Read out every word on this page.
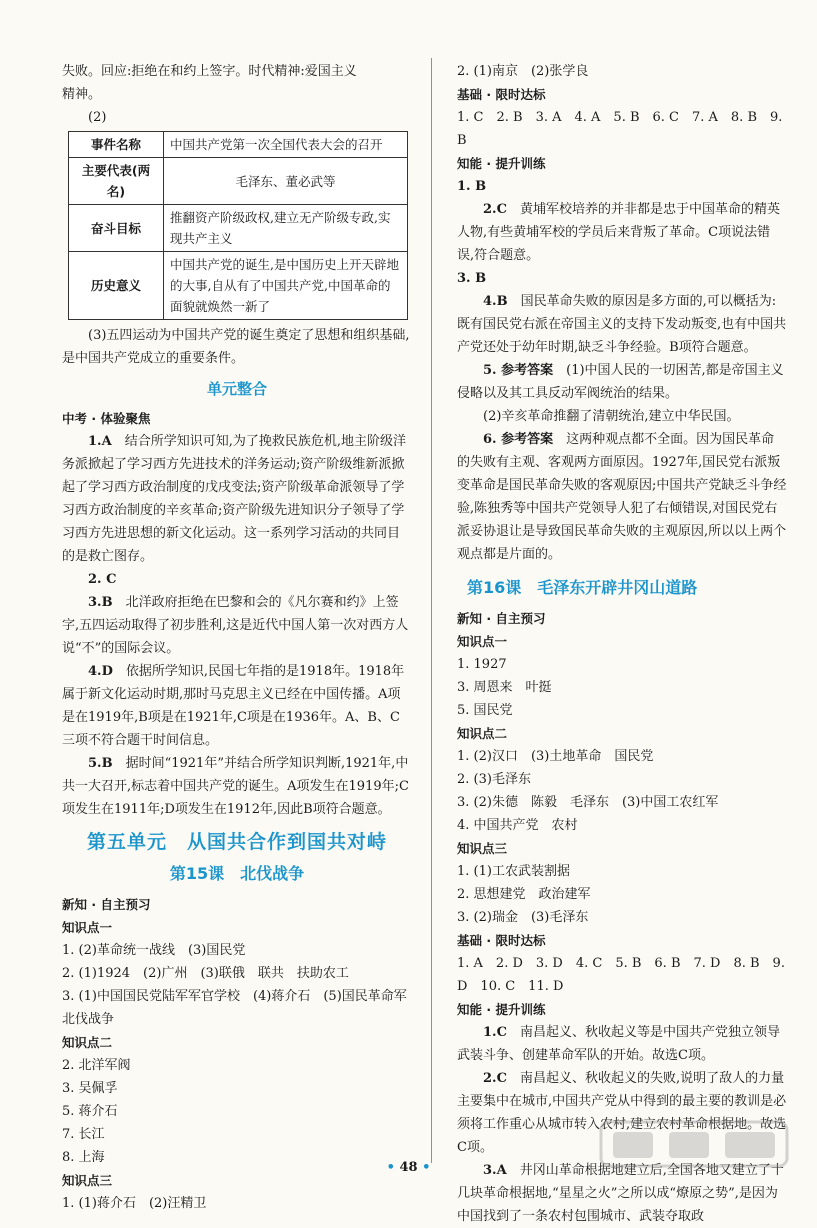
失败。回应:拒绝在和约上签字。时代精神:爱国主义

精神。

(2)

事件名称	中国共产党第一次全国代表大会的召开
主要代表(两名)	毛泽东、董必武等
奋斗目标	推翻资产阶级政权,建立无产阶级专政,实现共产主义
历史意义	中国共产党的诞生,是中国历史上开天辟地的大事,自从有了中国共产党,中国革命的面貌就焕然一新了

(3)五四运动为中国共产党的诞生奠定了思想和组织基础,是中国共产党成立的重要条件。

单元整合

中考 · 体验聚焦

1.A　 结合所学知识可知,为了挽救民族危机,地主阶级洋务派掀起了学习西方先进技术的洋务运动;资产阶级维新派掀起了学习西方政治制度的戊戌变法;资产阶级革命派领导了学习西方政治制度的辛亥革命;资产阶级先进知识分子领导了学习西方先进思想的新文化运动。这一系列学习活动的共同目的是救亡图存。

2. C

3.B　 北洋政府拒绝在巴黎和会的《凡尔赛和约》上签字,五四运动取得了初步胜利,这是近代中国人第一次对西方人说“不”的国际会议。

4.D　 依据所学知识,民国七年指的是1918年。1918年属于新文化运动时期,那时马克思主义已经在中国传播。A项是在1919年,B项是在1921年,C项是在1936年。A、B、C三项不符合题干时间信息。

5.B　 据时间“1921年”并结合所学知识判断,1921年,中共一大召开,标志着中国共产党的诞生。A项发生在1919年;C项发生在1911年;D项发生在1912年,因此B项符合题意。

第五单元　从国共合作到国共对峙
第15课　北伐战争

新知 · 自主预习

知识点一

1. (2)革命统一战线　(3)国民党

2. (1)1924　(2)广州　(3)联俄　联共　扶助农工

3. (1)中国国民党陆军军官学校　(4)蒋介石　(5)国民革命军　北伐战争

知识点二

2. 北洋军阀

3. 吴佩孚

5. 蒋介石

7. 长江

8. 上海

知识点三

1. (1)蒋介石　(2)汪精卫

2. (1)南京　(2)张学良

基础 · 限时达标

1. C　2. B　3. A　4. A　5. B　6. C　7. A　8. B　9. B

知能 · 提升训练

1. B

2.C　 黄埔军校培养的并非都是忠于中国革命的精英人物,有些黄埔军校的学员后来背叛了革命。C项说法错误,符合题意。

3. B

4.B　 国民革命失败的原因是多方面的,可以概括为:既有国民党右派在帝国主义的支持下发动叛变,也有中国共产党还处于幼年时期,缺乏斗争经验。B项符合题意。

5. 参考答案　 (1)中国人民的一切困苦,都是帝国主义侵略以及其工具反动军阀统治的结果。

(2)辛亥革命推翻了清朝统治,建立中华民国。

6. 参考答案　 这两种观点都不全面。因为国民革命的失败有主观、客观两方面原因。1927年,国民党右派叛变革命是国民革命失败的客观原因;中国共产党缺乏斗争经验,陈独秀等中国共产党领导人犯了右倾错误,对国民党右派妥协退让是导致国民革命失败的主观原因,所以以上两个观点都是片面的。

第16课　毛泽东开辟井冈山道路

新知 · 自主预习

知识点一

1. 1927

3. 周恩来　叶挺

5. 国民党

知识点二

1. (2)汉口　(3)土地革命　国民党

2. (3)毛泽东

3. (2)朱德　陈毅　毛泽东　(3)中国工农红军

4. 中国共产党　农村

知识点三

1. (1)工农武装割据

2. 思想建党　政治建军

3. (2)瑞金　(3)毛泽东

基础 · 限时达标

1. A　2. D　3. D　4. C　5. B　6. B　7. D　8. B　9. D　10. C　11. D

知能 · 提升训练

1.C　 南昌起义、秋收起义等是中国共产党独立领导武装斗争、创建革命军队的开始。故选C项。

2.C　 南昌起义、秋收起义的失败,说明了敌人的力量主要集中在城市,中国共产党从中得到的最主要的教训是必须将工作重心从城市转入农村,建立农村革命根据地。故选C项。

3.A　 井冈山革命根据地建立后,全国各地又建立了十几块革命根据地,“星星之火”之所以成“燎原之势”,是因为中国找到了一条农村包围城市、武装夺取政

• 48 •
